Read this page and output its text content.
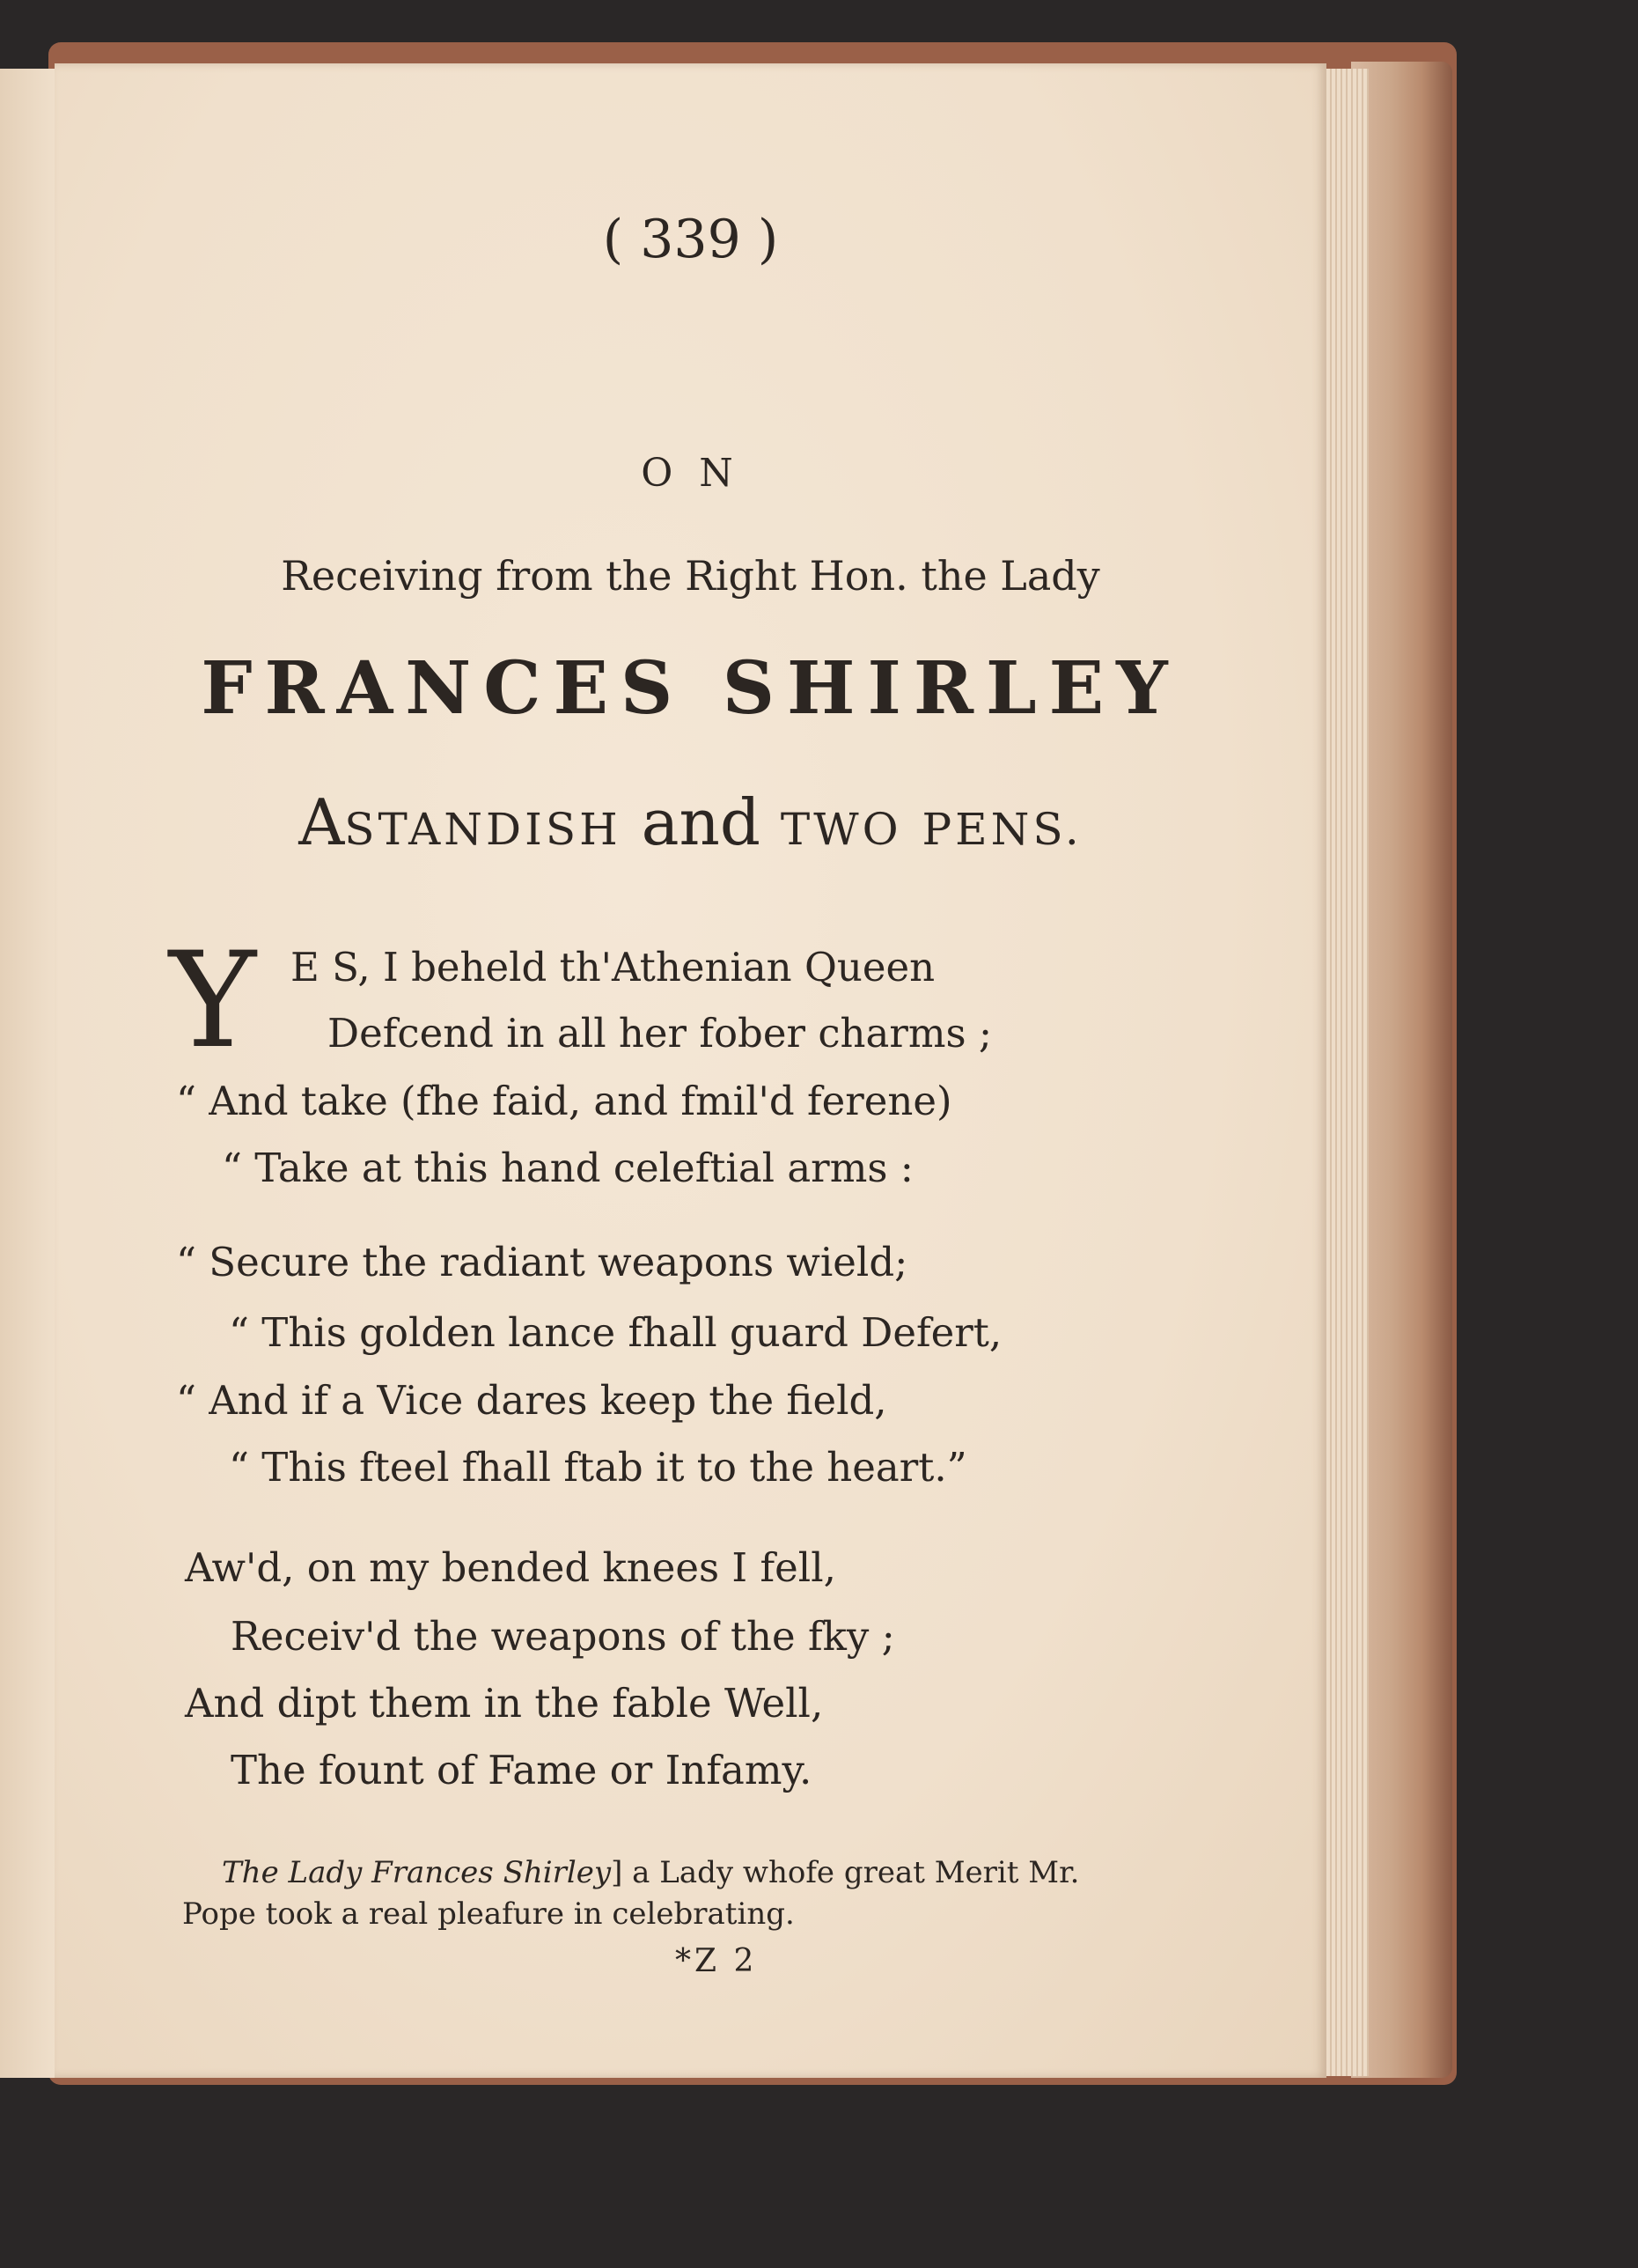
( 339 )
O N
Receiving from the Right Hon. the Lady
FRANCES SHIRLEY
ASTANDISH and TWO PENS.
Y E S, I beheld th'Athenian Queen
Defcend in all her fober charms ;
“ And take (fhe faid, and fmil'd ferene)
“ Take at this hand celeftial arms :
“ Secure the radiant weapons wield;
“ This golden lance fhall guard Defert,
“ And if a Vice dares keep the field,
“ This fteel fhall ftab it to the heart.”
Aw'd, on my bended knees I fell,
Receiv'd the weapons of the fky ;
And dipt them in the fable Well,
The fount of Fame or Infamy.
The Lady Frances Shirley] a Lady whofe great Merit Mr.
Pope took a real pleafure in celebrating.
*Z 2
